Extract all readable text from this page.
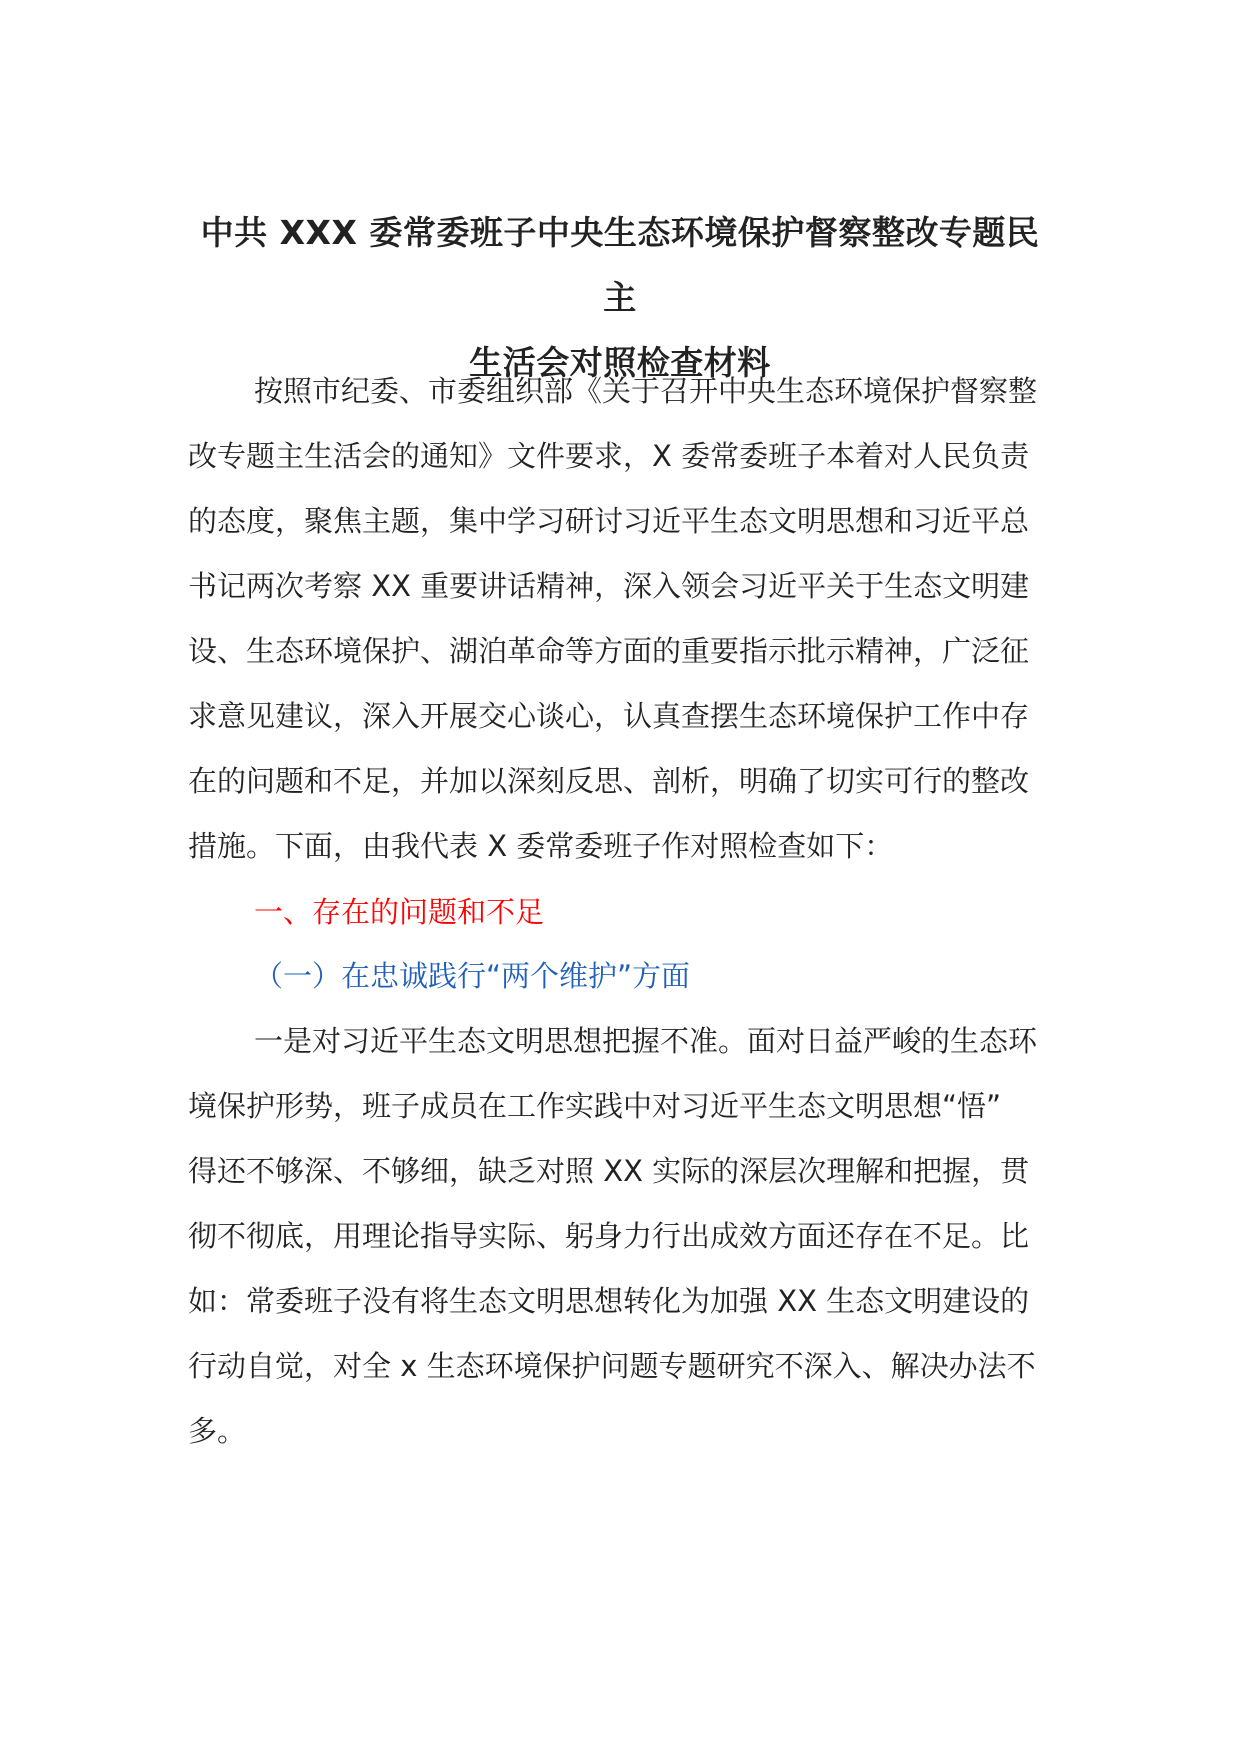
中共 XXX 委常委班子中央生态环境保护督察整改专题民主
生活会对照检查材料
按照市纪委、市委组织部《关于召开中央生态环境保护督察整
改专题主生活会的通知》文件要求，X 委常委班子本着对人民负责
的态度，聚焦主题，集中学习研讨习近平生态文明思想和习近平总
书记两次考察 XX 重要讲话精神，深入领会习近平关于生态文明建
设、生态环境保护、湖泊革命等方面的重要指示批示精神，广泛征
求意见建议，深入开展交心谈心，认真查摆生态环境保护工作中存
在的问题和不足，并加以深刻反思、剖析，明确了切实可行的整改
措施。下面，由我代表 X 委常委班子作对照检查如下：
一、存在的问题和不足
（一）在忠诚践行“两个维护”方面
一是对习近平生态文明思想把握不准。面对日益严峻的生态环
境保护形势，班子成员在工作实践中对习近平生态文明思想“悟”
得还不够深、不够细，缺乏对照 XX 实际的深层次理解和把握，贯
彻不彻底，用理论指导实际、躬身力行出成效方面还存在不足。比
如：常委班子没有将生态文明思想转化为加强 XX 生态文明建设的
行动自觉，对全 x 生态环境保护问题专题研究不深入、解决办法不
多。
